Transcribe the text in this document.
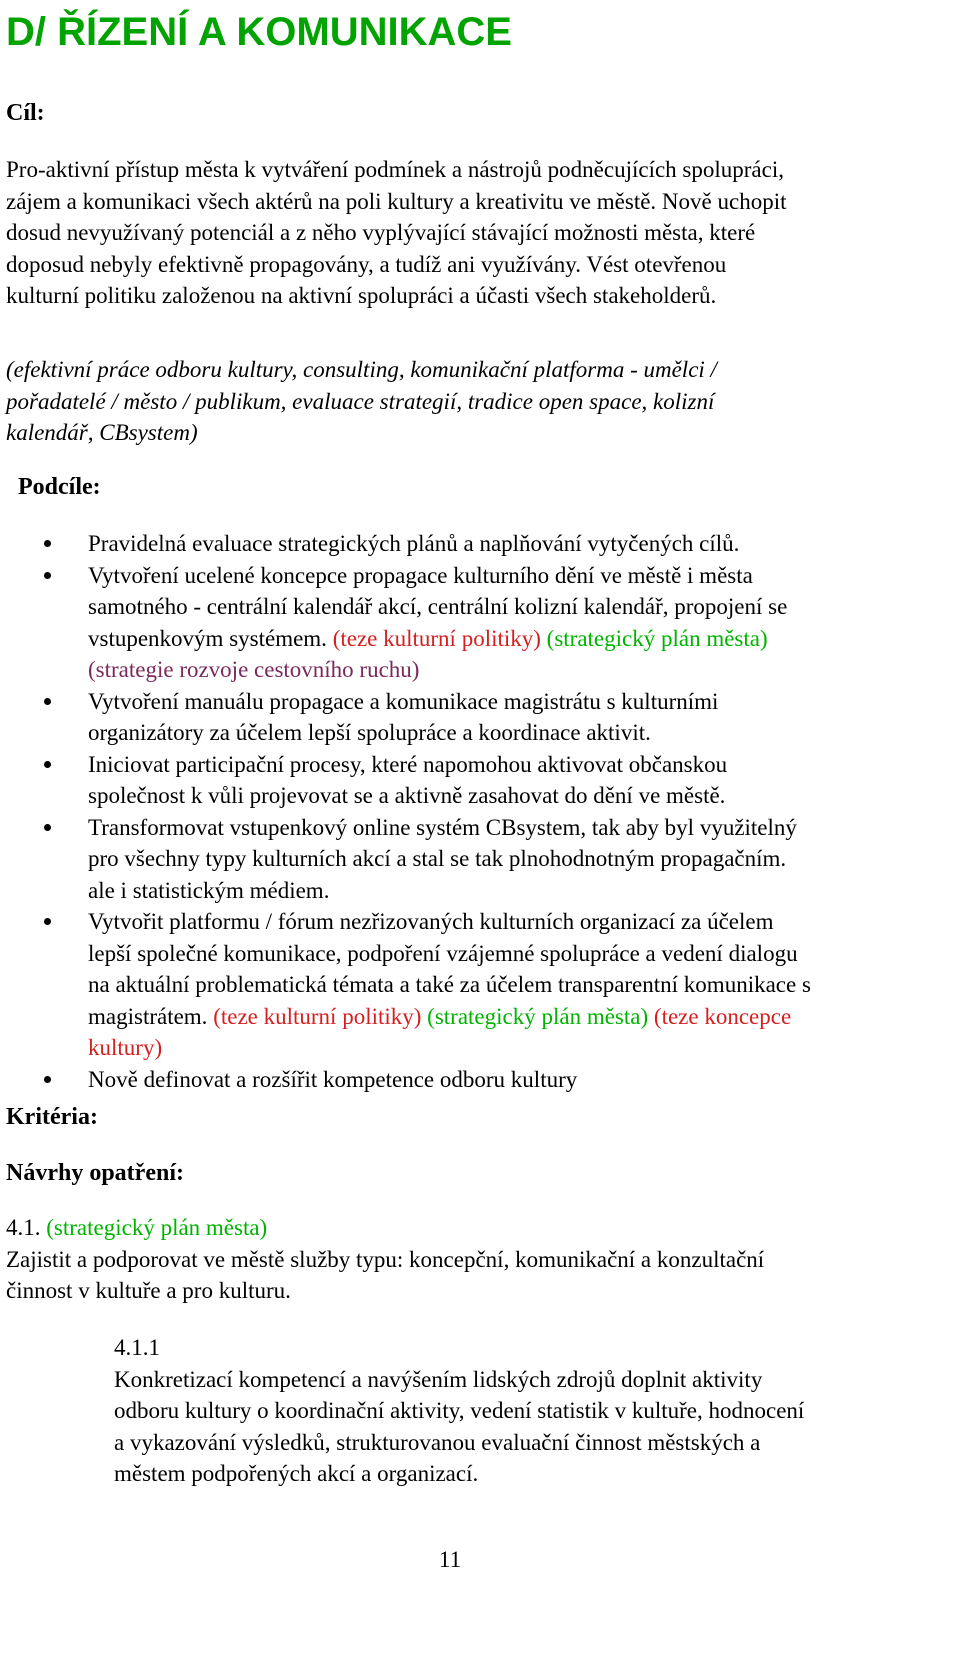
D/ ŘÍZENÍ A KOMUNIKACE

Cíl:

Pro-aktivní přístup města k vytváření podmínek a nástrojů podněcujících spolupráci,
zájem a komunikaci všech aktérů na poli kultury a kreativitu ve městě. Nově uchopit
dosud nevyužívaný potenciál a z něho vyplývající stávající možnosti města, které
doposud nebyly efektivně propagovány, a tudíž ani využívány. Vést otevřenou
kulturní politiku založenou na aktivní spolupráci a účasti všech stakeholderů.

(efektivní práce odboru kultury, consulting, komunikační platforma - umělci /
pořadatelé / město / publikum, evaluace strategií, tradice open space, kolizní
kalendář, CBsystem)

Podcíle:

Pravidelná evaluace strategických plánů a naplňování vytyčených cílů.
Vytvoření ucelené koncepce propagace kulturního dění ve městě i města
samotného - centrální kalendář akcí, centrální kolizní kalendář, propojení se
vstupenkovým systémem. (teze kulturní politiky) (strategický plán města)
(strategie rozvoje cestovního ruchu)
Vytvoření manuálu propagace a komunikace magistrátu s kulturními
organizátory za účelem lepší spolupráce a koordinace aktivit.
Iniciovat participační procesy, které napomohou aktivovat občanskou
společnost k vůli projevovat se a aktivně zasahovat do dění ve městě.
Transformovat vstupenkový online systém CBsystem, tak aby byl využitelný
pro všechny typy kulturních akcí a stal se tak plnohodnotným propagačním.
ale i statistickým médiem.
Vytvořit platformu / fórum nezřizovaných kulturních organizací za účelem
lepší společné komunikace, podpoření vzájemné spolupráce a vedení dialogu
na aktuální problematická témata a také za účelem transparentní komunikace s
magistrátem. (teze kulturní politiky) (strategický plán města) (teze koncepce
kultury)
Nově definovat a rozšířit kompetence odboru kultury

Kritéria:

Návrhy opatření:

4.1. (strategický plán města)
Zajistit a podporovat ve městě služby typu: koncepční, komunikační a konzultační
činnost v kultuře a pro kulturu.

4.1.1
Konkretizací kompetencí a navýšením lidských zdrojů doplnit aktivity
odboru kultury o koordinační aktivity, vedení statistik v kultuře, hodnocení
a vykazování výsledků, strukturovanou evaluační činnost městských a
městem podpořených akcí a organizací.

11
